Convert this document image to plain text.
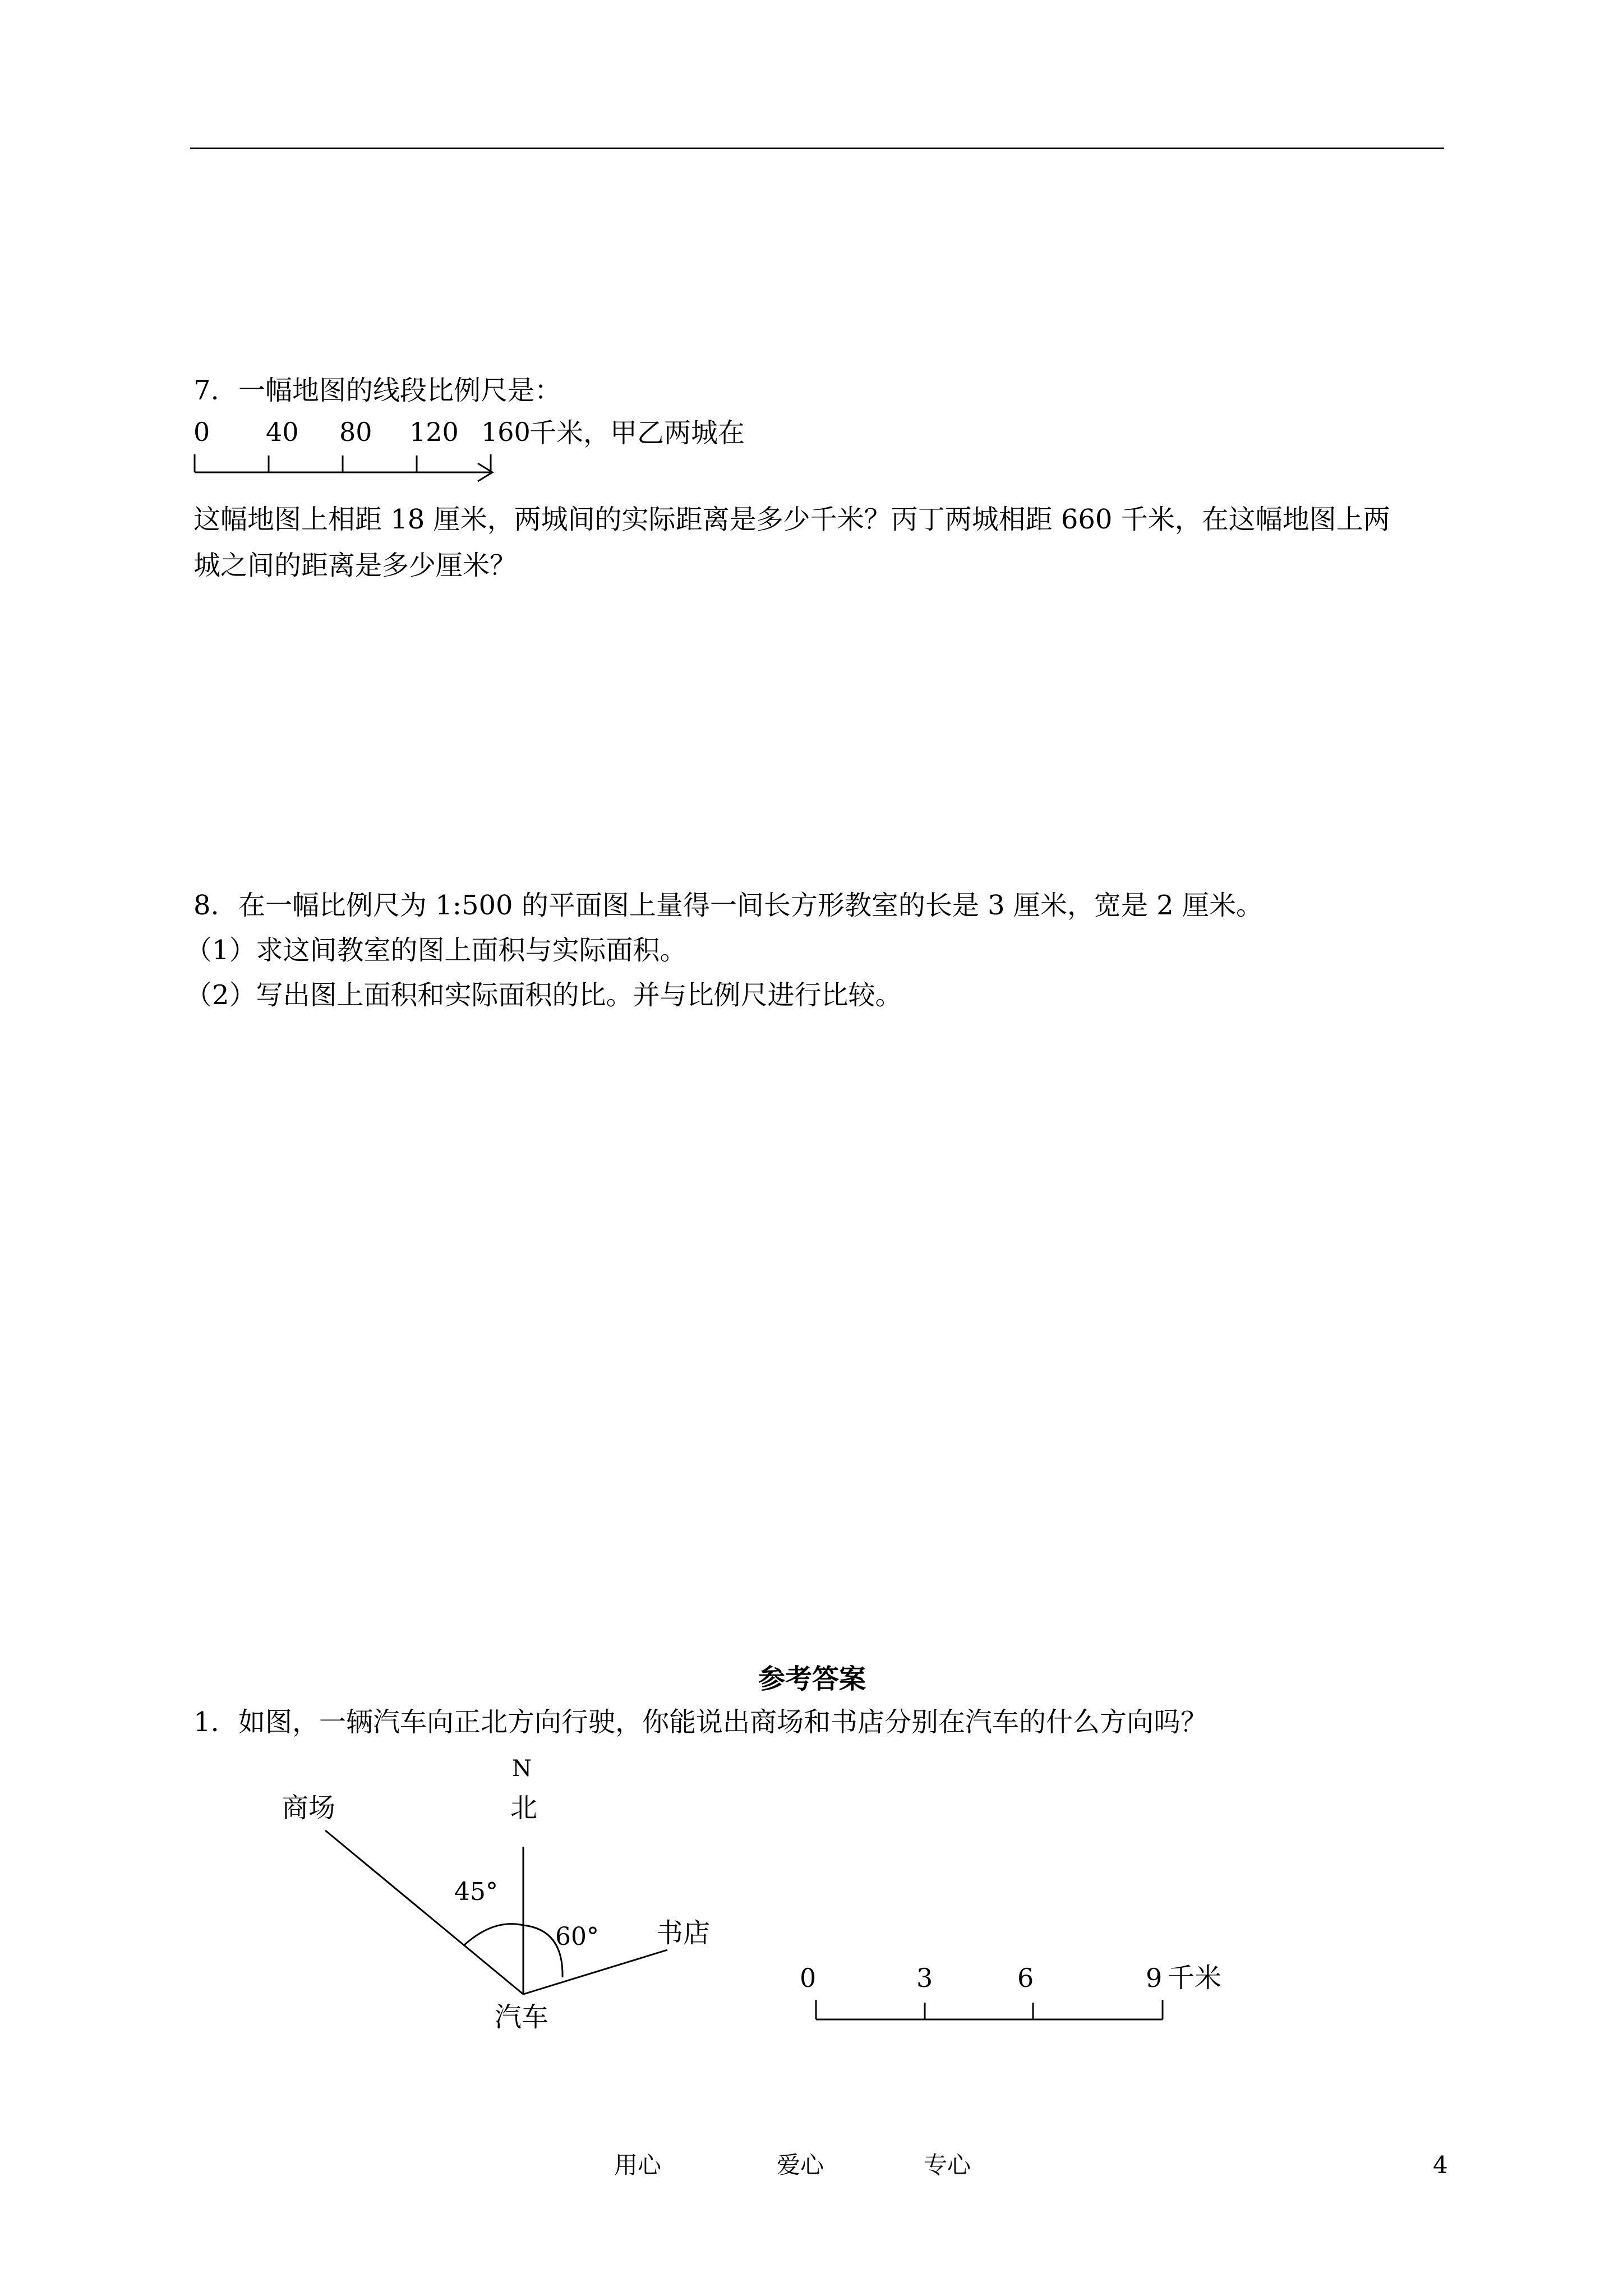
7. 一幅地图的线段比例尺是：
0 40 80 120 160
千米，甲乙两城在
这幅地图上相距 18 厘米，两城间的实际距离是多少千米？丙丁两城相距 660 千米，在这幅地图上两
城之间的距离是多少厘米？
8. 在一幅比例尺为 1:500 的平面图上量得一间长方形教室的长是 3 厘米，宽是 2 厘米。
（1）求这间教室的图上面积与实际面积。
（2）写出图上面积和实际面积的比。并与比例尺进行比较。
参考答案
1. 如图，一辆汽车向正北方向行驶，你能说出商场和书店分别在汽车的什么方向吗？
N
北
商场
45°
60° 书店
汽车
0	3	6	9 千米
用心	爱心	专心	4
